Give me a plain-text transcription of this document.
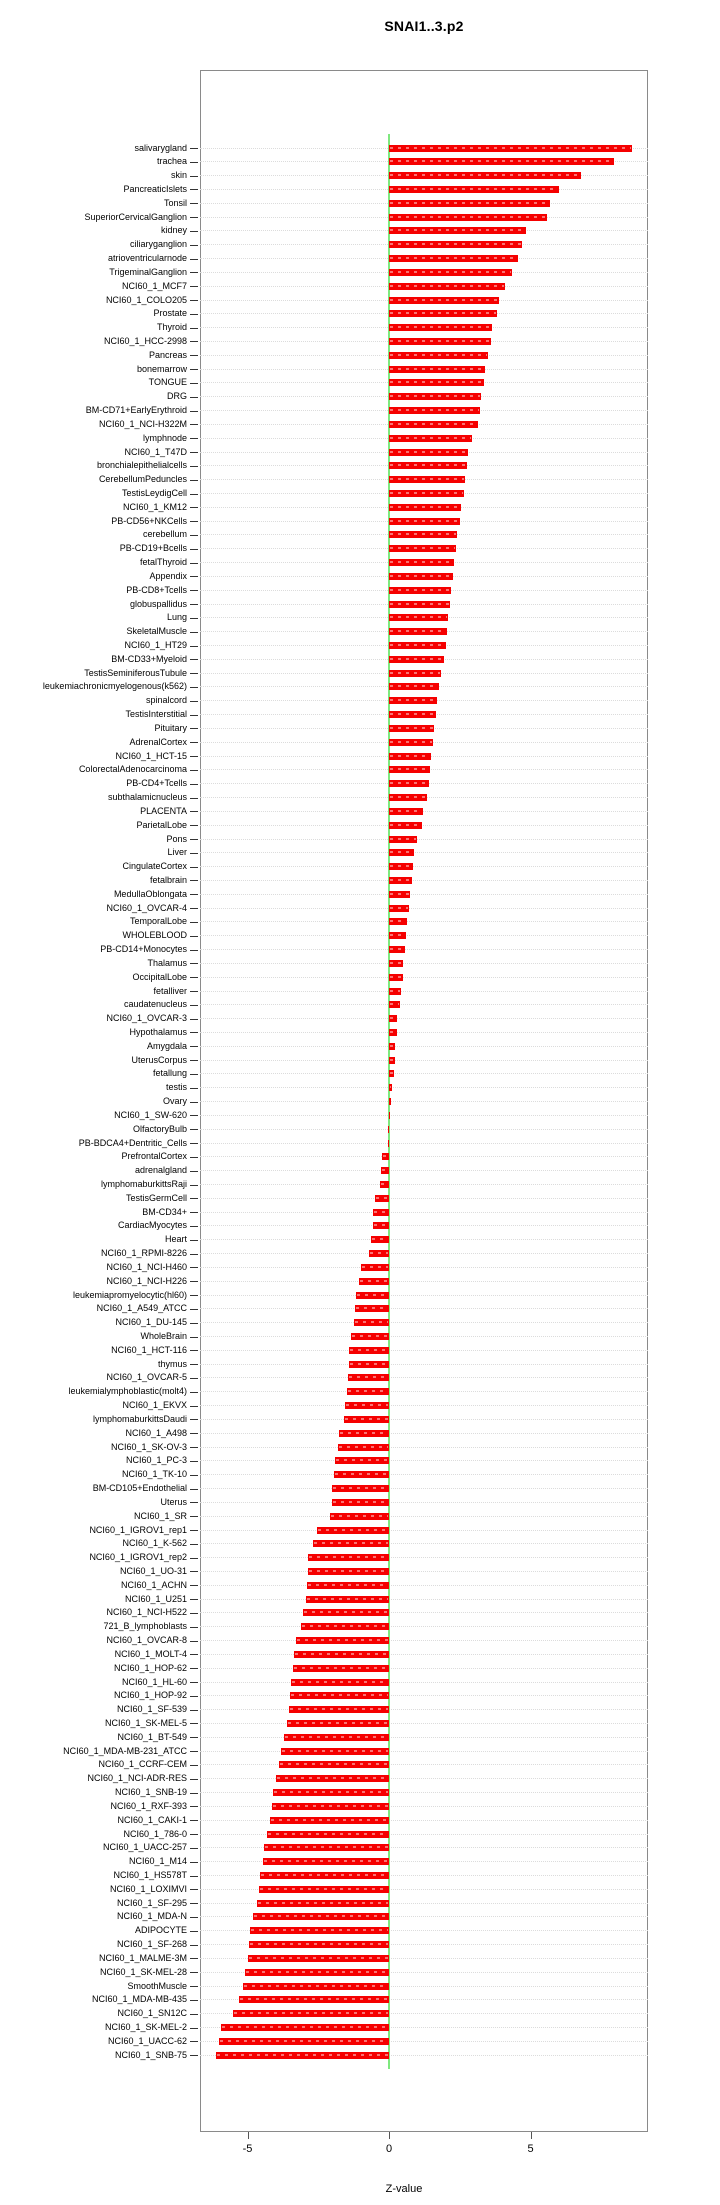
SNAI1..3.p2
Z-value
salivarygland
trachea
skin
PancreaticIslets
Tonsil
SuperiorCervicalGanglion
kidney
ciliaryganglion
atrioventricularnode
TrigeminalGanglion
NCI60_1_MCF7
NCI60_1_COLO205
Prostate
Thyroid
NCI60_1_HCC-2998
Pancreas
bonemarrow
TONGUE
DRG
BM-CD71+EarlyErythroid
NCI60_1_NCI-H322M
lymphnode
NCI60_1_T47D
bronchialepithelialcells
CerebellumPeduncles
TestisLeydigCell
NCI60_1_KM12
PB-CD56+NKCells
cerebellum
PB-CD19+Bcells
fetalThyroid
Appendix
PB-CD8+Tcells
globuspallidus
Lung
SkeletalMuscle
NCI60_1_HT29
BM-CD33+Myeloid
TestisSeminiferousTubule
leukemiachronicmyelogenous(k562)
spinalcord
TestisInterstitial
Pituitary
AdrenalCortex
NCI60_1_HCT-15
ColorectalAdenocarcinoma
PB-CD4+Tcells
subthalamicnucleus
PLACENTA
ParietalLobe
Pons
Liver
CingulateCortex
fetalbrain
MedullaOblongata
NCI60_1_OVCAR-4
TemporalLobe
WHOLEBLOOD
PB-CD14+Monocytes
Thalamus
OccipitalLobe
fetalliver
caudatenucleus
NCI60_1_OVCAR-3
Hypothalamus
Amygdala
UterusCorpus
fetallung
testis
Ovary
NCI60_1_SW-620
OlfactoryBulb
PB-BDCA4+Dentritic_Cells
PrefrontalCortex
adrenalgland
lymphomaburkittsRaji
TestisGermCell
BM-CD34+
CardiacMyocytes
Heart
NCI60_1_RPMI-8226
NCI60_1_NCI-H460
NCI60_1_NCI-H226
leukemiapromyelocytic(hl60)
NCI60_1_A549_ATCC
NCI60_1_DU-145
WholeBrain
NCI60_1_HCT-116
thymus
NCI60_1_OVCAR-5
leukemialymphoblastic(molt4)
NCI60_1_EKVX
lymphomaburkittsDaudi
NCI60_1_A498
NCI60_1_SK-OV-3
NCI60_1_PC-3
NCI60_1_TK-10
BM-CD105+Endothelial
Uterus
NCI60_1_SR
NCI60_1_IGROV1_rep1
NCI60_1_K-562
NCI60_1_IGROV1_rep2
NCI60_1_UO-31
NCI60_1_ACHN
NCI60_1_U251
NCI60_1_NCI-H522
721_B_lymphoblasts
NCI60_1_OVCAR-8
NCI60_1_MOLT-4
NCI60_1_HOP-62
NCI60_1_HL-60
NCI60_1_HOP-92
NCI60_1_SF-539
NCI60_1_SK-MEL-5
NCI60_1_BT-549
NCI60_1_MDA-MB-231_ATCC
NCI60_1_CCRF-CEM
NCI60_1_NCI-ADR-RES
NCI60_1_SNB-19
NCI60_1_RXF-393
NCI60_1_CAKI-1
NCI60_1_786-0
NCI60_1_UACC-257
NCI60_1_M14
NCI60_1_HS578T
NCI60_1_LOXIMVI
NCI60_1_SF-295
NCI60_1_MDA-N
ADIPOCYTE
NCI60_1_SF-268
NCI60_1_MALME-3M
NCI60_1_SK-MEL-28
SmoothMuscle
NCI60_1_MDA-MB-435
NCI60_1_SN12C
NCI60_1_SK-MEL-2
NCI60_1_UACC-62
NCI60_1_SNB-75
-5	0	5
